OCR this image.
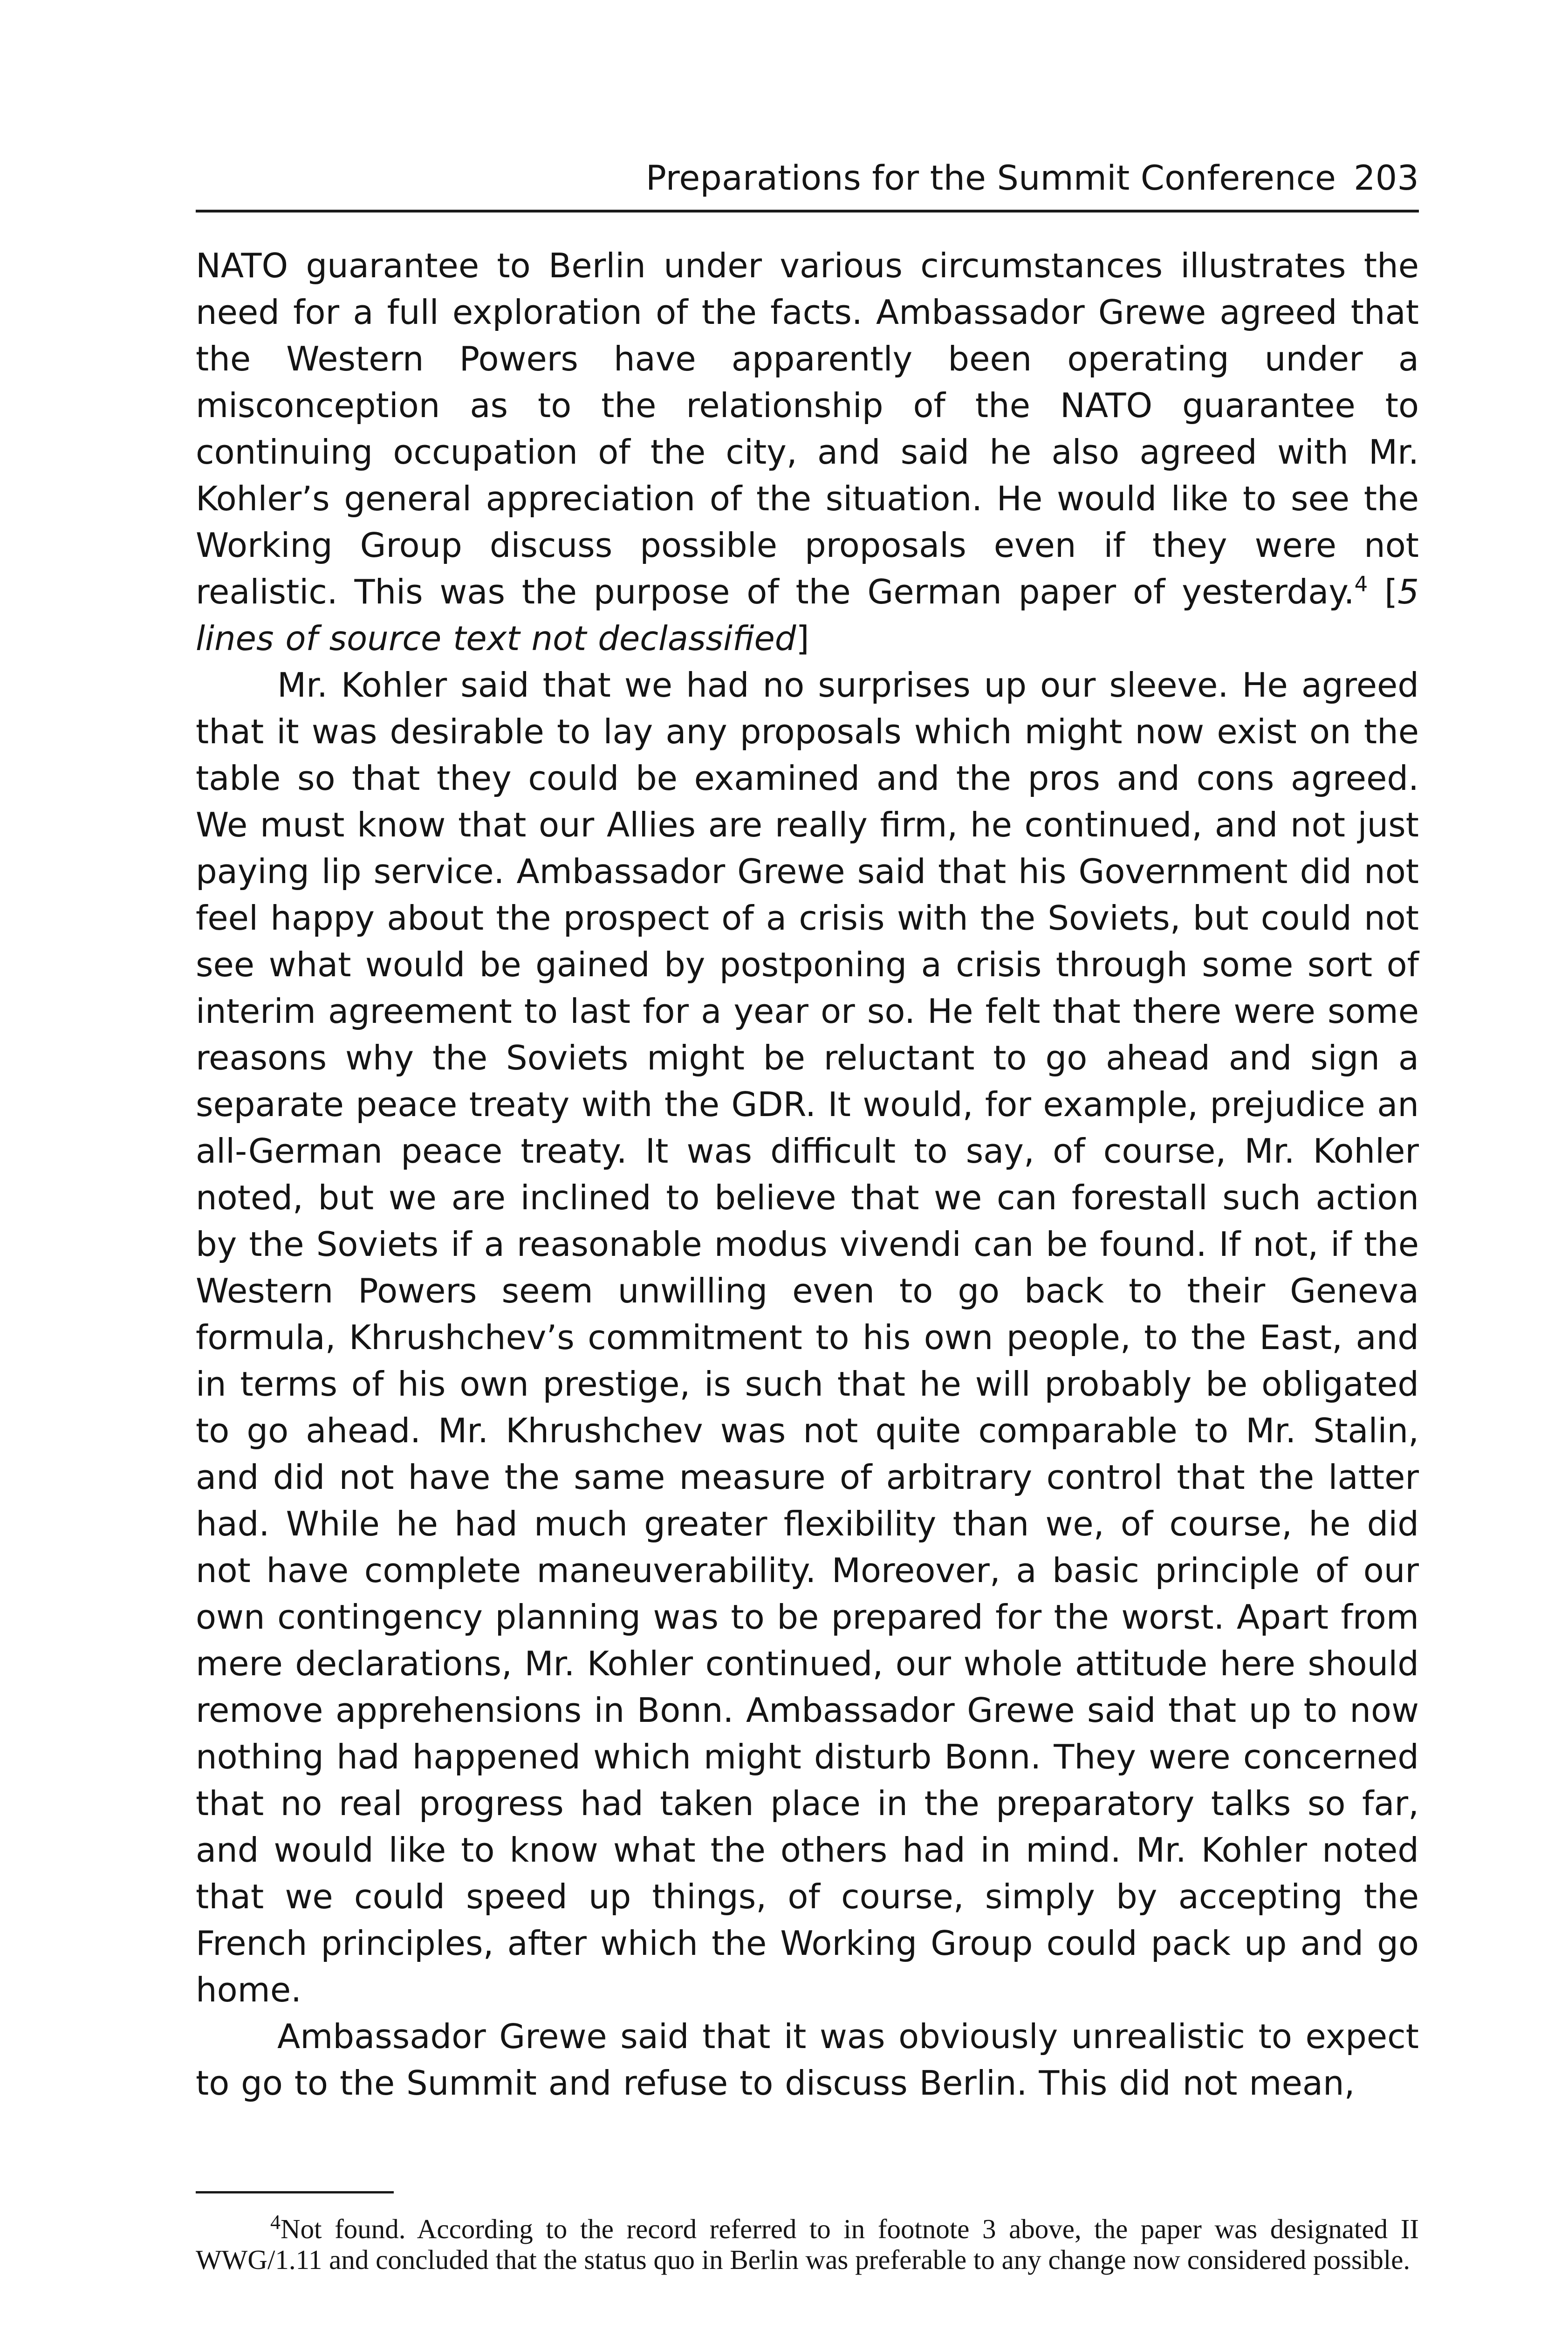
Preparations for the Summit Conference 203

NATO guarantee to Berlin under various circumstances illustrates the need for a full exploration of the facts. Ambassador Grewe agreed that the Western Powers have apparently been operating under a misconception as to the relationship of the NATO guarantee to continuing occupation of the city, and said he also agreed with Mr. Kohler’s general appreciation of the situation. He would like to see the Working Group discuss possible proposals even if they were not realistic. This was the purpose of the German paper of yesterday.$^4$ [5 lines of source text not declassified]

Mr. Kohler said that we had no surprises up our sleeve. He agreed that it was desirable to lay any proposals which might now exist on the table so that they could be examined and the pros and cons agreed. We must know that our Allies are really firm, he continued, and not just paying lip service. Ambassador Grewe said that his Government did not feel happy about the prospect of a crisis with the Soviets, but could not see what would be gained by postponing a crisis through some sort of interim agreement to last for a year or so. He felt that there were some reasons why the Soviets might be reluctant to go ahead and sign a separate peace treaty with the GDR. It would, for example, prejudice an all-German peace treaty. It was difficult to say, of course, Mr. Kohler noted, but we are inclined to believe that we can forestall such action by the Soviets if a reasonable modus vivendi can be found. If not, if the Western Powers seem unwilling even to go back to their Geneva formula, Khrushchev’s commitment to his own people, to the East, and in terms of his own prestige, is such that he will probably be obligated to go ahead. Mr. Khrushchev was not quite comparable to Mr. Stalin, and did not have the same measure of arbitrary control that the latter had. While he had much greater flexibility than we, of course, he did not have complete maneuverability. Moreover, a basic principle of our own contingency planning was to be prepared for the worst. Apart from mere declarations, Mr. Kohler continued, our whole attitude here should remove apprehensions in Bonn. Ambassador Grewe said that up to now nothing had happened which might disturb Bonn. They were concerned that no real progress had taken place in the preparatory talks so far, and would like to know what the others had in mind. Mr. Kohler noted that we could speed up things, of course, simply by accepting the French principles, after which the Working Group could pack up and go home.

Ambassador Grewe said that it was obviously unrealistic to expect to go to the Summit and refuse to discuss Berlin. This did not mean,

$^4$Not found. According to the record referred to in footnote 3 above, the paper was designated II WWG/1.11 and concluded that the status quo in Berlin was preferable to any change now considered possible.
